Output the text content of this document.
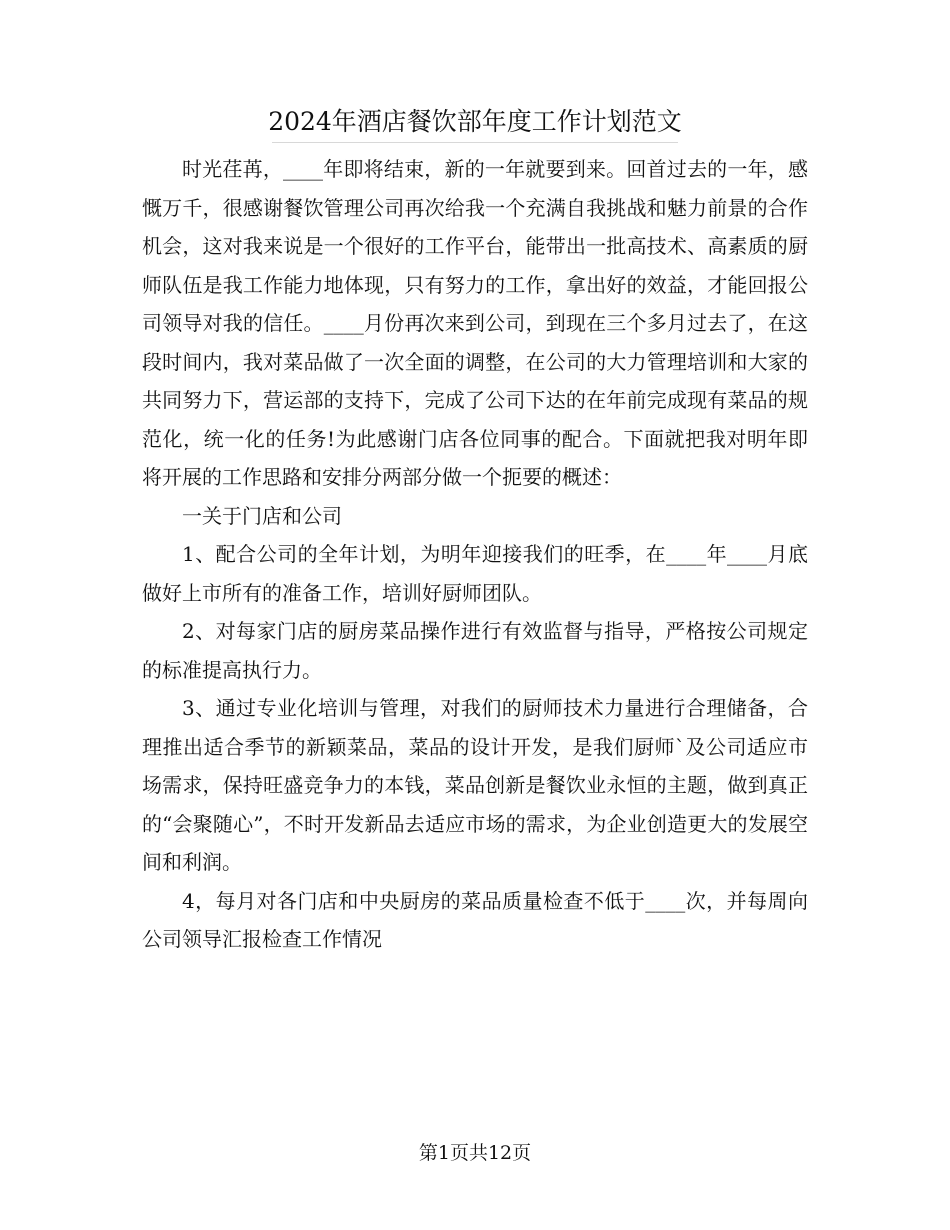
2024年酒店餐饮部年度工作计划范文

时光荏苒，____年即将结束，新的一年就要到来。回首过去的一年，感慨万千，很感谢餐饮管理公司再次给我一个充满自我挑战和魅力前景的合作机会，这对我来说是一个很好的工作平台，能带出一批高技术、高素质的厨师队伍是我工作能力地体现，只有努力的工作，拿出好的效益，才能回报公司领导对我的信任。____月份再次来到公司，到现在三个多月过去了，在这段时间内，我对菜品做了一次全面的调整，在公司的大力管理培训和大家的共同努力下，营运部的支持下，完成了公司下达的在年前完成现有菜品的规范化，统一化的任务!为此感谢门店各位同事的配合。下面就把我对明年即将开展的工作思路和安排分两部分做一个扼要的概述：

一关于门店和公司

1、配合公司的全年计划，为明年迎接我们的旺季，在____年____月底做好上市所有的准备工作，培训好厨师团队。

2、对每家门店的厨房菜品操作进行有效监督与指导，严格按公司规定的标准提高执行力。

3、通过专业化培训与管理，对我们的厨师技术力量进行合理储备，合理推出适合季节的新颖菜品，菜品的设计开发，是我们厨师`及公司适应市场需求，保持旺盛竞争力的本钱，菜品创新是餐饮业永恒的主题，做到真正的“会聚随心”，不时开发新品去适应市场的需求，为企业创造更大的发展空间和利润。

4，每月对各门店和中央厨房的菜品质量检查不低于____次，并每周向公司领导汇报检查工作情况

第1页共12页
